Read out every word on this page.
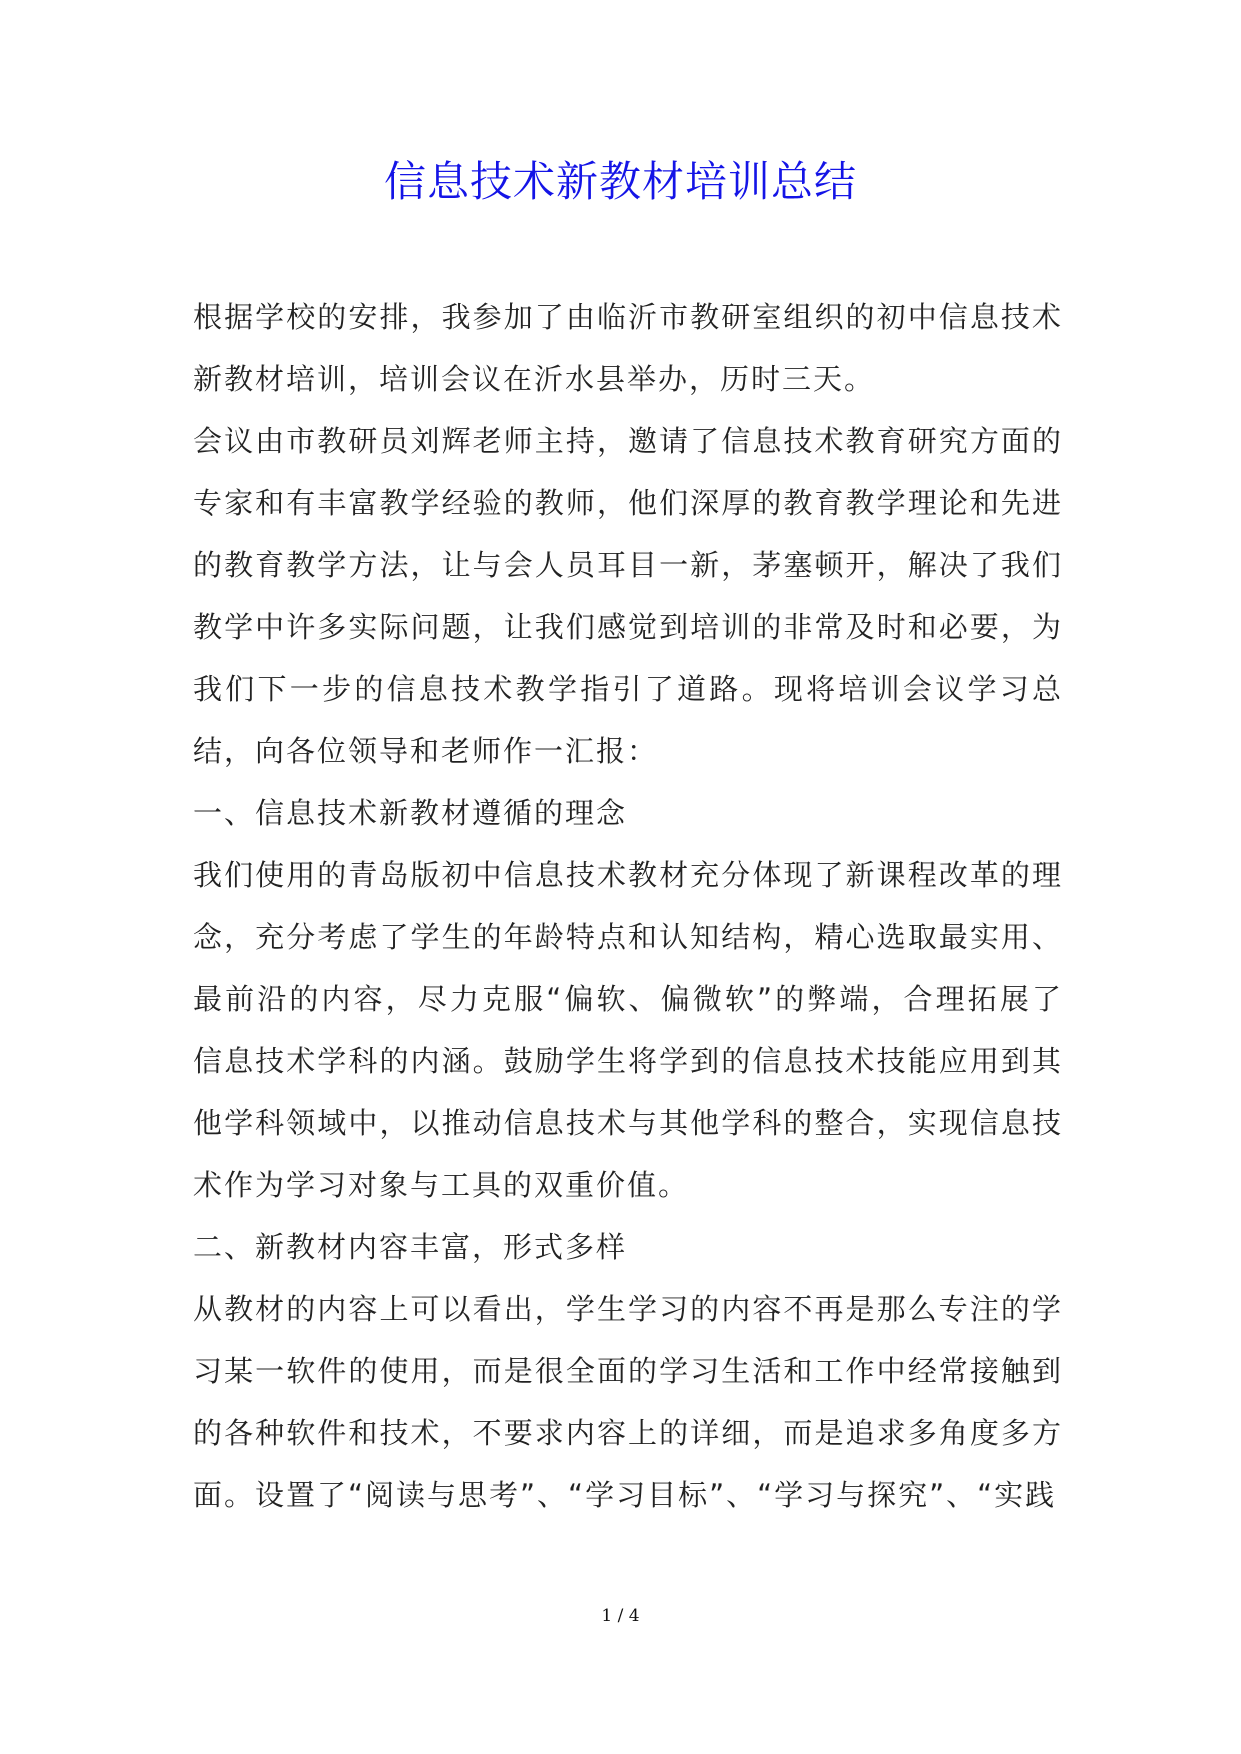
信息技术新教材培训总结

根据学校的安排，我参加了由临沂市教研室组织的初中信息技术新教材培训，培训会议在沂水县举办，历时三天。

会议由市教研员刘辉老师主持，邀请了信息技术教育研究方面的专家和有丰富教学经验的教师，他们深厚的教育教学理论和先进的教育教学方法，让与会人员耳目一新，茅塞顿开，解决了我们教学中许多实际问题，让我们感觉到培训的非常及时和必要，为我们下一步的信息技术教学指引了道路。现将培训会议学习总结，向各位领导和老师作一汇报：

一、信息技术新教材遵循的理念

我们使用的青岛版初中信息技术教材充分体现了新课程改革的理念，充分考虑了学生的年龄特点和认知结构，精心选取最实用、最前沿的内容，尽力克服“偏软、偏微软”的弊端，合理拓展了信息技术学科的内涵。鼓励学生将学到的信息技术技能应用到其他学科领域中，以推动信息技术与其他学科的整合，实现信息技术作为学习对象与工具的双重价值。

二、新教材内容丰富，形式多样

从教材的内容上可以看出，学生学习的内容不再是那么专注的学习某一软件的使用，而是很全面的学习生活和工作中经常接触到的各种软件和技术，不要求内容上的详细，而是追求多角度多方面。设置了“阅读与思考”、“学习目标”、“学习与探究”、“实践

1 / 4
